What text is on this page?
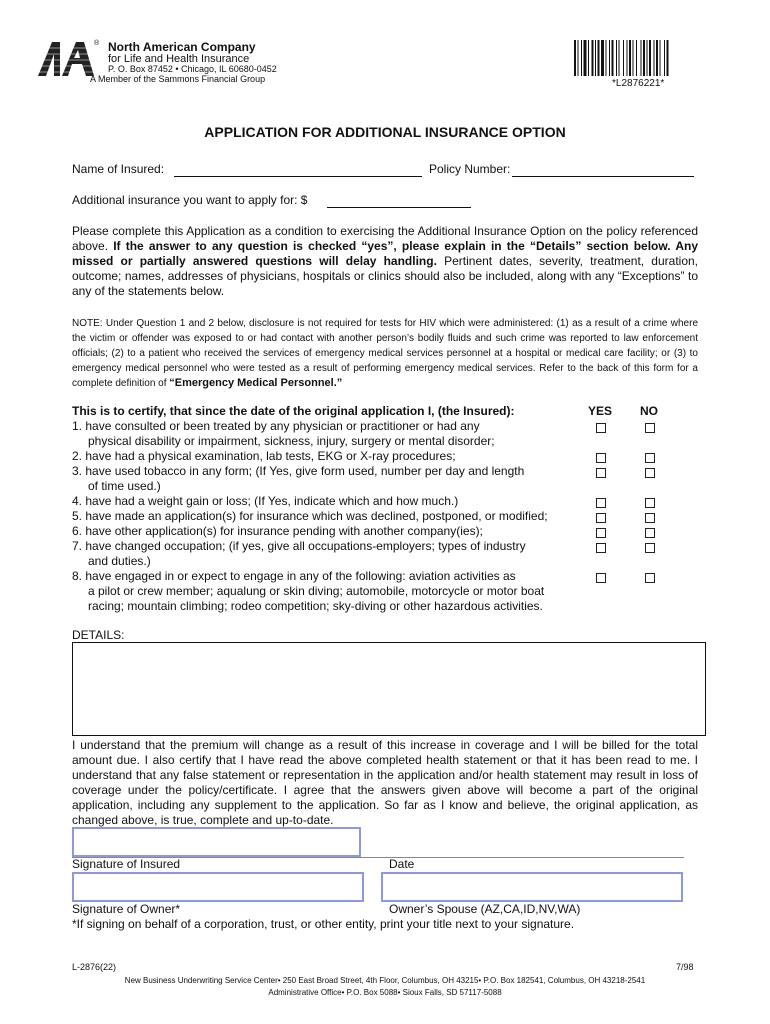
® North American Company
for Life and Health Insurance
P. O. Box 87452 • Chicago, IL 60680-0452
A Member of the Sammons Financial Group	*L2876221*
APPLICATION FOR ADDITIONAL INSURANCE OPTION
Name of Insured:	Policy Number:
Additional insurance you want to apply for: $
Please complete this Application as a condition to exercising the Additional Insurance Option on the policy referenced above. If the answer to any question is checked “yes”, please explain in the “Details” section below. Any missed or partially answered questions will delay handling. Pertinent dates, severity, treatment, duration, outcome; names, addresses of physicians, hospitals or clinics should also be included, along with any “Exceptions” to any of the statements below.
NOTE: Under Question 1 and 2 below, disclosure is not required for tests for HIV which were administered: (1) as a result of a crime where the victim or offender was exposed to or had contact with another person’s bodily fluids and such crime was reported to law enforcement officials; (2) to a patient who received the services of emergency medical services personnel at a hospital or medical care facility; or (3) to emergency medical personnel who were tested as a result of performing emergency medical services. Refer to the back of this form for a complete definition of “Emergency Medical Personnel.”
This is to certify, that since the date of the original application I, (the Insured):	YES NO
1. have consulted or been treated by any physician or practitioner or had any
physical disability or impairment, sickness, injury, surgery or mental disorder;
2. have had a physical examination, lab tests, EKG or X-ray procedures;
3. have used tobacco in any form; (If Yes, give form used, number per day and length
of time used.)
4. have had a weight gain or loss; (If Yes, indicate which and how much.)
5. have made an application(s) for insurance which was declined, postponed, or modified;
6. have other application(s) for insurance pending with another company(ies);
7. have changed occupation; (if yes, give all occupations-employers; types of industry
and duties.)
8. have engaged in or expect to engage in any of the following: aviation activities as
a pilot or crew member; aqualung or skin diving; automobile, motorcycle or motor boat
racing; mountain climbing; rodeo competition; sky-diving or other hazardous activities.
DETAILS:
I understand that the premium will change as a result of this increase in coverage and I will be billed for the total amount due. I also certify that I have read the above completed health statement or that it has been read to me. I understand that any false statement or representation in the application and/or health statement may result in loss of coverage under the policy/certificate. I agree that the answers given above will become a part of the original application, including any supplement to the application. So far as I know and believe, the original application, as changed above, is true, complete and up-to-date.
Signature of Insured	Date
Signature of Owner*	Owner’s Spouse (AZ,CA,ID,NV,WA)
*If signing on behalf of a corporation, trust, or other entity, print your title next to your signature.
L-2876(22)	7/98
New Business Underwriting Service Center• 250 East Broad Street, 4th Floor, Columbus, OH 43215• P.O. Box 182541, Columbus, OH 43218-2541
Administrative Office• P.O. Box 5088• Sioux Falls, SD 57117-5088
